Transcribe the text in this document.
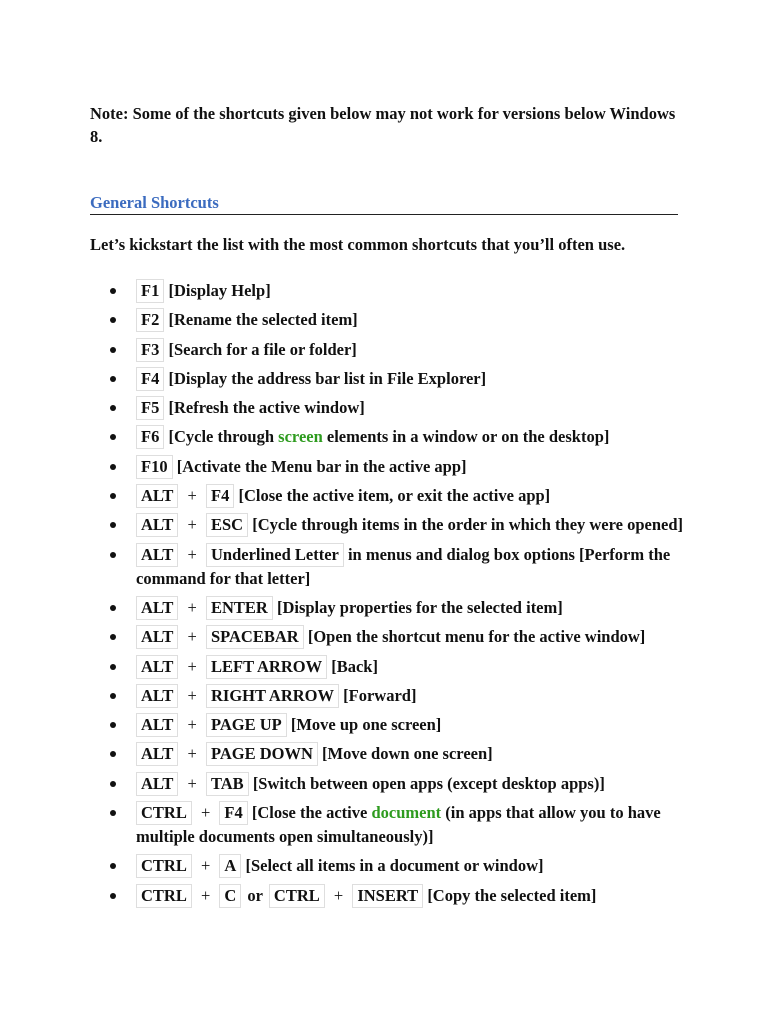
Note: Some of the shortcuts given below may not work for versions below Windows 8.
General Shortcuts
Let’s kickstart the list with the most common shortcuts that you’ll often use.
F1 [Display Help]
F2 [Rename the selected item]
F3 [Search for a file or folder]
F4 [Display the address bar list in File Explorer]
F5 [Refresh the active window]
F6 [Cycle through screen elements in a window or on the desktop]
F10 [Activate the Menu bar in the active app]
ALT + F4 [Close the active item, or exit the active app]
ALT + ESC [Cycle through items in the order in which they were opened]
ALT + Underlined Letter in menus and dialog box options [Perform the command for that letter]
ALT + ENTER [Display properties for the selected item]
ALT + SPACEBAR [Open the shortcut menu for the active window]
ALT + LEFT ARROW [Back]
ALT + RIGHT ARROW [Forward]
ALT + PAGE UP [Move up one screen]
ALT + PAGE DOWN [Move down one screen]
ALT + TAB [Switch between open apps (except desktop apps)]
CTRL + F4 [Close the active document (in apps that allow you to have multiple documents open simultaneously)]
CTRL + A [Select all items in a document or window]
CTRL + C or CTRL + INSERT [Copy the selected item]
